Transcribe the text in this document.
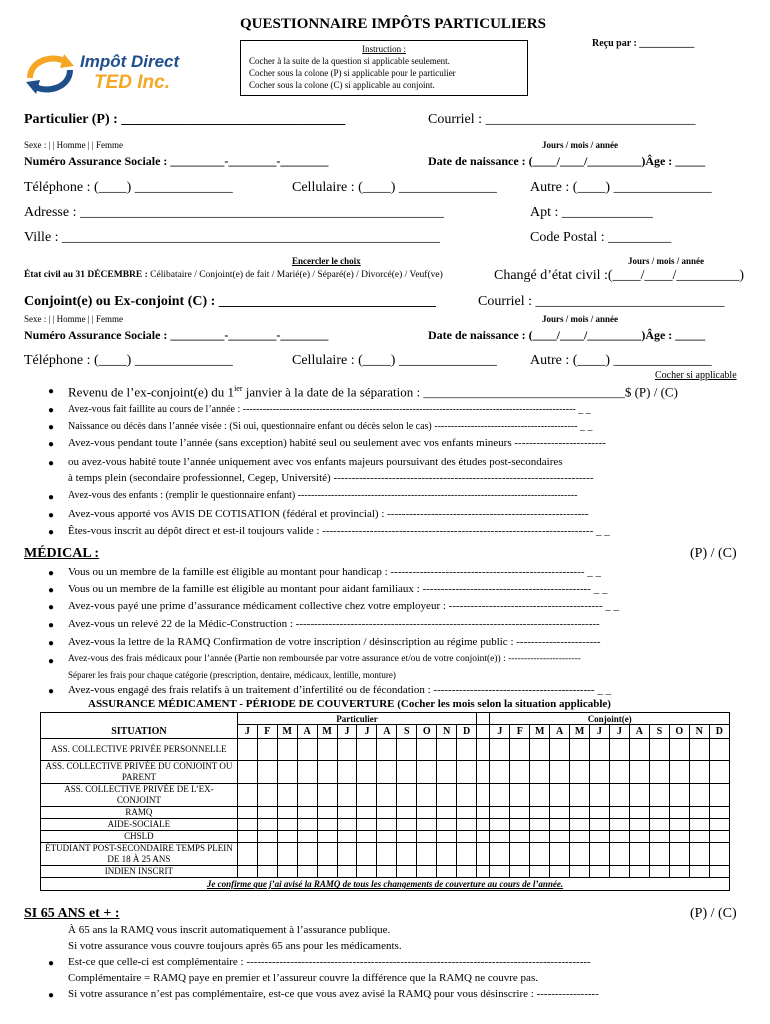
QUESTIONNAIRE IMPÔTS PARTICULIERS
Reçu par : ___________
Impôt Direct
TED Inc.
Instruction :
Cocher à la suite de la question si applicable seulement.
Cocher sous la colone (P) si applicable pour le particulier
Cocher sous la colone (C) si applicable au conjoint.
Particulier (P) : ________________________________	Courriel : ______________________________
Sexe : | | Homme | | Femme	Jours / mois / année
Numéro Assurance Sociale : _________-________-________	Date de naissance : (____/____/_________)Âge : _____
Téléphone : (____) ______________	Cellulaire : (____) ______________ Autre : (____) ______________
Adresse : ____________________________________________________	Apt : _____________
Ville : ______________________________________________________	Code Postal : _________
Encercler le choix	Jours / mois / année
État civil au 31 DÉCEMBRE : Célibataire / Conjoint(e) de fait / Marié(e) / Séparé(e) / Divorcé(e) / Veuf(ve)	Changé d’état civil :(____/____/_________)
Conjoint(e) ou Ex-conjoint (C) : _______________________________	Courriel : ___________________________
Sexe : | | Homme | | Femme	Jours / mois / année
Numéro Assurance Sociale : _________-________-________	Date de naissance : (____/____/_________)Âge : _____
Téléphone : (____) ______________	Cellulaire : (____) ______________ Autre : (____) ______________
Cocher si applicable
● Revenu de l’ex-conjoint(e) du $1^{ier}$ janvier à la date de la séparation : _______________________________$ (P) / (C)
● Avez-vous fait faillite au cours de l’année : ---------------------------------------------------------------------------------------------------- _ _
● Naissance ou décès dans l’année visée : (Si oui, questionnaire enfant ou décès selon le cas) ------------------------------------------- _ _
● Avez-vous pendant toute l’année (sans exception) habité seul ou seulement avec vos enfants mineurs -------------------------
● ou avez-vous habité toute l’année uniquement avec vos enfants majeurs poursuivant des études post-secondaires
à temps plein (secondaire professionnel, Cegep, Université) -----------------------------------------------------------------------
● Avez-vous des enfants : (remplir le questionnaire enfant) ------------------------------------------------------------------------------------
● Avez-vous apporté vos AVIS DE COTISATION (fédéral et provincial) : -------------------------------------------------------
● Êtes-vous inscrit au dépôt direct et est-il toujours valide : -------------------------------------------------------------------------- _ _
MÉDICAL :	(P) / (C)
● Vous ou un membre de la famille est éligible au montant pour handicap : ----------------------------------------------------- _ _
● Vous ou un membre de la famille est éligible au montant pour aidant familiaux : ---------------------------------------------- _ _
● Avez-vous payé une prime d’assurance médicament collective chez votre employeur : ------------------------------------------ _ _
● Avez-vous un relevé 22 de la Médic-Construction : -----------------------------------------------------------------------------------
● Avez-vous la lettre de la RAMQ Confirmation de votre inscription / désinscription au régime public : -----------------------
● Avez-vous des frais médicaux pour l’année (Partie non remboursée par votre assurance et/ou de votre conjoint(e)) : -----------------------
Séparer les frais pour chaque catégorie (prescription, dentaire, médicaux, lentille, monture)
● Avez-vous engagé des frais relatifs à un traitement d’infertilité ou de fécondation : -------------------------------------------- _ _
ASSURANCE MÉDICAMENT - PÉRIODE DE COUVERTURE (Cocher les mois selon la situation applicable)
	Particulier													Conjoint(e)											
SITUATION	J	F	M	A	M	J	J	A	S	O	N	D		J	F	M	A	M	J	J	A	S	O	N	D
ASS. COLLECTIVE PRIVÉE PERSONNELLE																									
ASS. COLLECTIVE PRIVÉE DU CONJOINT OU PARENT																									
ASS. COLLECTIVE PRIVÉE DE L’EX- CONJOINT																									
RAMQ																									
AIDE-SOCIALE																									
CHSLD																									
ÉTUDIANT POST-SECONDAIRE TEMPS PLEIN DE 18 À 25 ANS																									
INDIEN INSCRIT																									
Je confirme que j’ai avisé la RAMQ de tous les changements de couverture au cours de l’année.																									
SI 65 ANS et + :	(P) / (C)
À 65 ans la RAMQ vous inscrit automatiquement à l’assurance publique.
Si votre assurance vous couvre toujours après 65 ans pour les médicaments.
● Est-ce que celle-ci est complémentaire : ----------------------------------------------------------------------------------------------
Complémentaire = RAMQ paye en premier et l’assureur couvre la différence que la RAMQ ne couvre pas.
● Si votre assurance n’est pas complémentaire, est-ce que vous avez avisé la RAMQ pour vous désinscrire : -----------------
